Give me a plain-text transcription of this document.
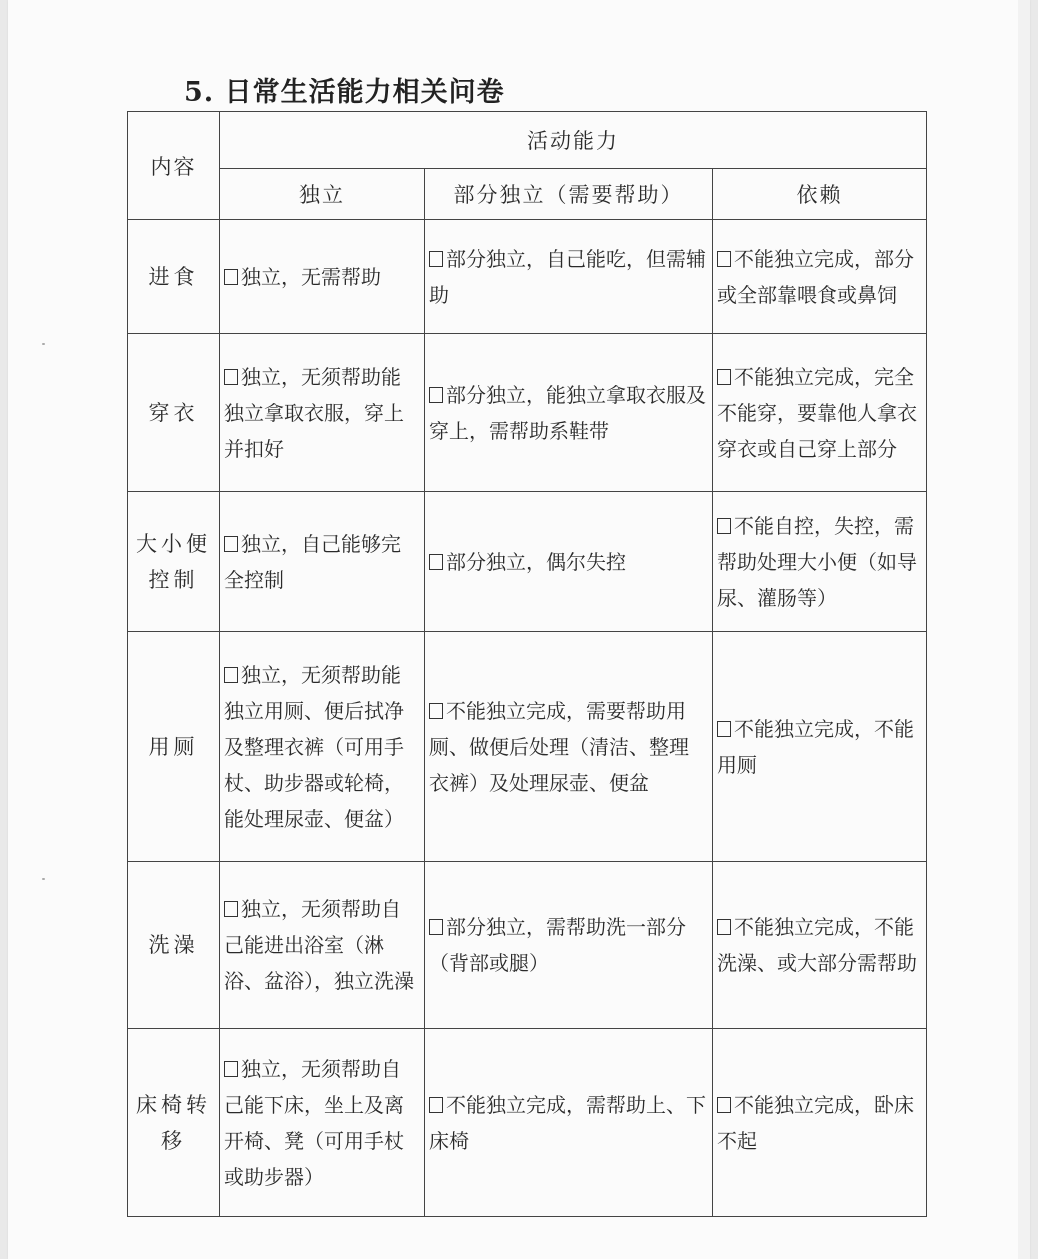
5. 日常生活能力相关问卷
内容	活动能力		
	独立	部分独立（需要帮助）	依赖
进食	独立，无需帮助	部分独立，自己能吃，但需辅助	不能独立完成，部分或全部靠喂食或鼻饲
穿衣	独立，无须帮助能独立拿取衣服，穿上并扣好	部分独立，能独立拿取衣服及穿上，需帮助系鞋带	不能独立完成，完全不能穿，要靠他人拿衣穿衣或自己穿上部分
大小便控制	独立，自己能够完全控制	部分独立，偶尔失控	不能自控，失控，需帮助处理大小便（如导尿、灌肠等）
用厕	独立，无须帮助能独立用厕、便后拭净及整理衣裤（可用手杖、助步器或轮椅，能处理尿壶、便盆）	不能独立完成，需要帮助用厕、做便后处理（清洁、整理衣裤）及处理尿壶、便盆	不能独立完成，不能用厕
洗澡	独立，无须帮助自己能进出浴室（淋浴、盆浴），独立洗澡	部分独立，需帮助洗一部分（背部或腿）	不能独立完成，不能洗澡、或大部分需帮助
床椅转移	独立，无须帮助自己能下床，坐上及离开椅、凳（可用手杖或助步器）	不能独立完成，需帮助上、下床椅	不能独立完成，卧床不起
